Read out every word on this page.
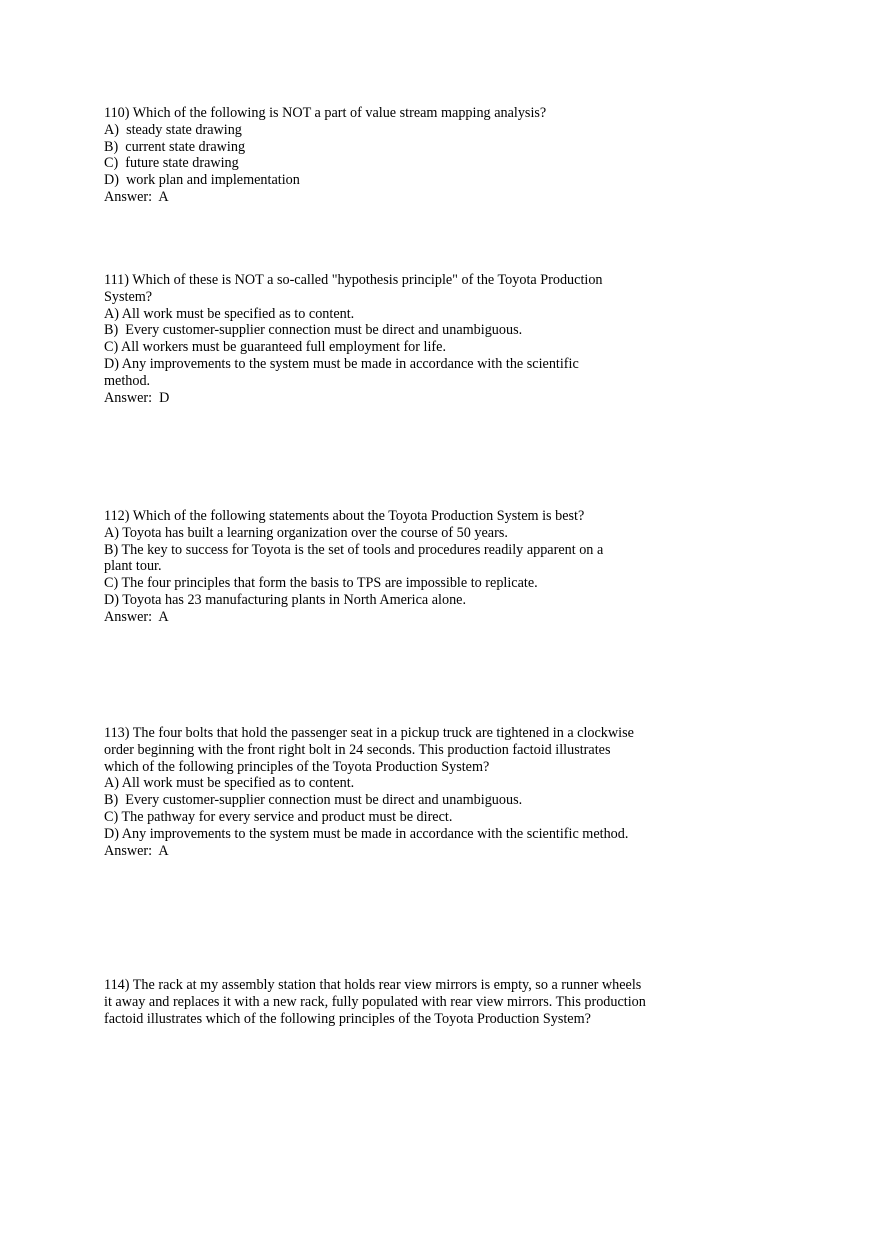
110) Which of the following is NOT a part of value stream mapping analysis?
A)  steady state drawing
B)  current state drawing
C)  future state drawing
D)  work plan and implementation
Answer:  A
111) Which of these is NOT a so-called "hypothesis principle" of the Toyota Production System?
A) All work must be specified as to content.
B)  Every customer-supplier connection must be direct and unambiguous.
C) All workers must be guaranteed full employment for life.
D) Any improvements to the system must be made in accordance with the scientific method.
Answer:  D
112) Which of the following statements about the Toyota Production System is best?
A) Toyota has built a learning organization over the course of 50 years.
B) The key to success for Toyota is the set of tools and procedures readily apparent on a plant tour.
C) The four principles that form the basis to TPS are impossible to replicate.
D) Toyota has 23 manufacturing plants in North America alone.
Answer:  A
113) The four bolts that hold the passenger seat in a pickup truck are tightened in a clockwise order beginning with the front right bolt in 24 seconds. This production factoid illustrates which of the following principles of the Toyota Production System?
A) All work must be specified as to content.
B)  Every customer-supplier connection must be direct and unambiguous.
C) The pathway for every service and product must be direct.
D) Any improvements to the system must be made in accordance with the scientific method.
Answer:  A
114) The rack at my assembly station that holds rear view mirrors is empty, so a runner wheels it away and replaces it with a new rack, fully populated with rear view mirrors. This production factoid illustrates which of the following principles of the Toyota Production System?
